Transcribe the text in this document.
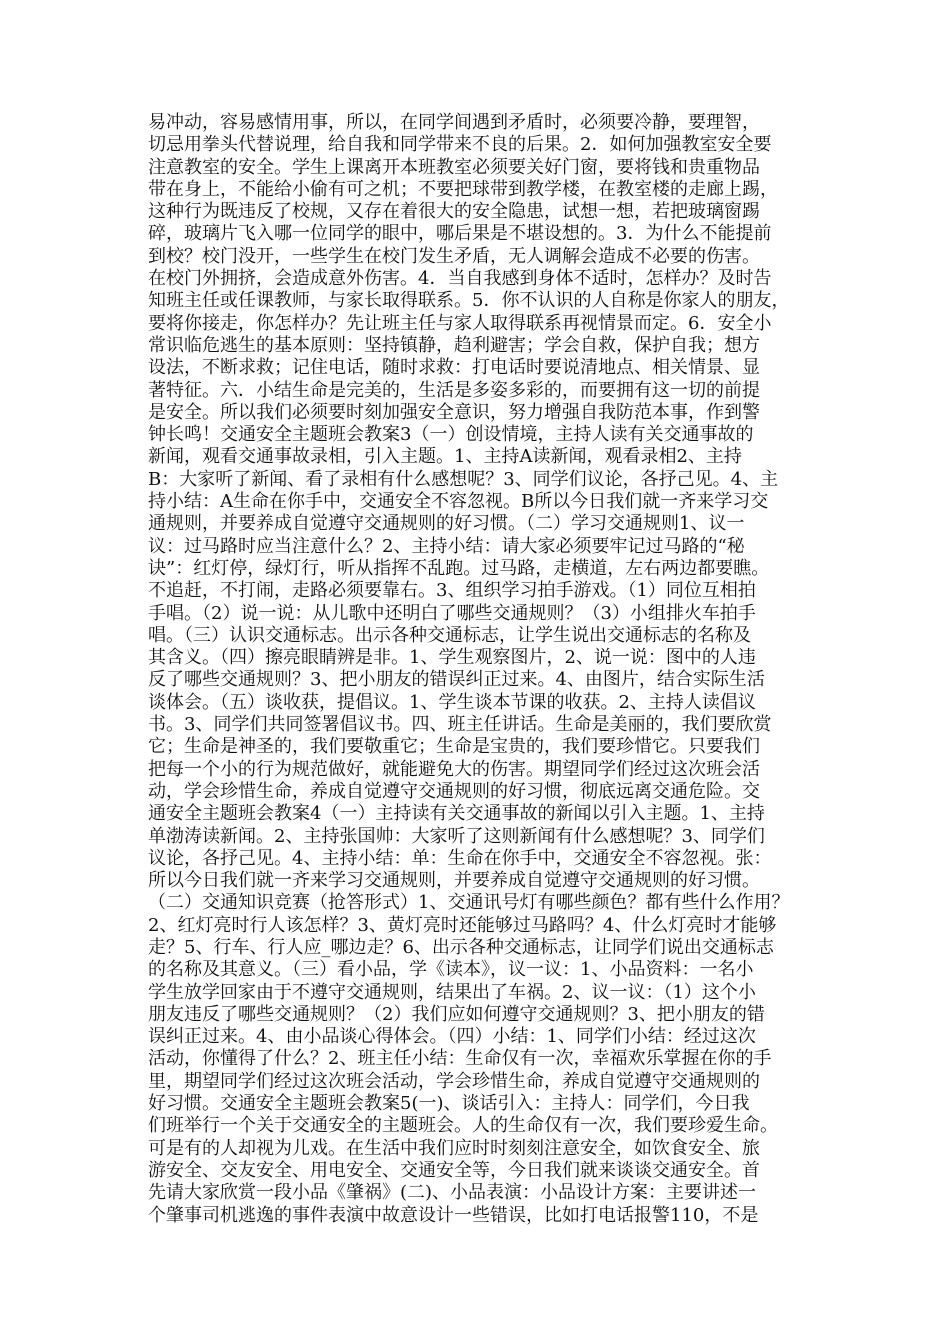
易冲动，容易感情用事，所以，在同学间遇到矛盾时，必须要冷静，要理智，
切忌用拳头代替说理，给自我和同学带来不良的后果。2．如何加强教室安全要
注意教室的安全。学生上课离开本班教室必须要关好门窗，要将钱和贵重物品
带在身上，不能给小偷有可之机；不要把球带到教学楼，在教室楼的走廊上踢，
这种行为既违反了校规，又存在着很大的安全隐患，试想一想，若把玻璃窗踢
碎，玻璃片飞入哪一位同学的眼中，哪后果是不堪设想的。3．为什么不能提前
到校？校门没开，一些学生在校门发生矛盾，无人调解会造成不必要的伤害。
在校门外拥挤，会造成意外伤害。4．当自我感到身体不适时，怎样办？及时告
知班主任或任课教师，与家长取得联系。5．你不认识的人自称是你家人的朋友，
要将你接走，你怎样办？先让班主任与家人取得联系再视情景而定。6．安全小
常识临危逃生的基本原则：坚持镇静，趋利避害；学会自救，保护自我；想方
设法，不断求救；记住电话，随时求救：打电话时要说清地点、相关情景、显
著特征。六．小结生命是完美的，生活是多姿多彩的，而要拥有这一切的前提
是安全。所以我们必须要时刻加强安全意识，努力增强自我防范本事，作到警
钟长鸣！交通安全主题班会教案3（一）创设情境，主持人读有关交通事故的
新闻，观看交通事故录相，引入主题。1、主持A读新闻，观看录相2、主持
B：大家听了新闻、看了录相有什么感想呢？3、同学们议论，各抒己见。4、主
持小结：A生命在你手中，交通安全不容忽视。B所以今日我们就一齐来学习交
通规则，并要养成自觉遵守交通规则的好习惯。（二）学习交通规则1、议一
议：过马路时应当注意什么？2、主持小结：请大家必须要牢记过马路的“秘
诀”：红灯停，绿灯行，听从指挥不乱跑。过马路，走横道，左右两边都要瞧。
不追赶，不打闹，走路必须要靠右。3、组织学习拍手游戏。（1）同位互相拍
手唱。（2）说一说：从儿歌中还明白了哪些交通规则？（3）小组排火车拍手
唱。（三）认识交通标志。出示各种交通标志，让学生说出交通标志的名称及
其含义。（四）擦亮眼睛辨是非。1、学生观察图片，2、说一说：图中的人违
反了哪些交通规则？3、把小朋友的错误纠正过来。4、由图片，结合实际生活
谈体会。（五）谈收获，提倡议。1、学生谈本节课的收获。2、主持人读倡议
书。3、同学们共同签署倡议书。四、班主任讲话。生命是美丽的，我们要欣赏
它；生命是神圣的，我们要敬重它；生命是宝贵的，我们要珍惜它。只要我们
把每一个小的行为规范做好，就能避免大的伤害。期望同学们经过这次班会活
动，学会珍惜生命，养成自觉遵守交通规则的好习惯，彻底远离交通危险。交
通安全主题班会教案4（一）主持读有关交通事故的新闻以引入主题。1、主持
单渤涛读新闻。2、主持张国帅：大家听了这则新闻有什么感想呢？3、同学们
议论，各抒己见。4、主持小结：单：生命在你手中，交通安全不容忽视。张：
所以今日我们就一齐来学习交通规则，并要养成自觉遵守交通规则的好习惯。
（二）交通知识竞赛（抢答形式）1、交通讯号灯有哪些颜色？都有些什么作用？
2、红灯亮时行人该怎样？3、黄灯亮时还能够过马路吗？4、什么灯亮时才能够
走？5、行车、行人应_哪边走？6、出示各种交通标志，让同学们说出交通标志
的名称及其意义。（三）看小品，学《读本》，议一议：1、小品资料：一名小
学生放学回家由于不遵守交通规则，结果出了车祸。2、议一议：（1）这个小
朋友违反了哪些交通规则？（2）我们应如何遵守交通规则？3、把小朋友的错
误纠正过来。4、由小品谈心得体会。（四）小结：1、同学们小结：经过这次
活动，你懂得了什么？2、班主任小结：生命仅有一次，幸福欢乐掌握在你的手
里，期望同学们经过这次班会活动，学会珍惜生命，养成自觉遵守交通规则的
好习惯。交通安全主题班会教案5(一)、谈话引入：主持人：同学们，今日我
们班举行一个关于交通安全的主题班会。人的生命仅有一次，我们要珍爱生命。
可是有的人却视为儿戏。在生活中我们应时时刻刻注意安全，如饮食安全、旅
游安全、交友安全、用电安全、交通安全等，今日我们就来谈谈交通安全。首
先请大家欣赏一段小品《肇祸》(二)、小品表演：小品设计方案：主要讲述一
个肇事司机逃逸的事件表演中故意设计一些错误，比如打电话报警110，不是
